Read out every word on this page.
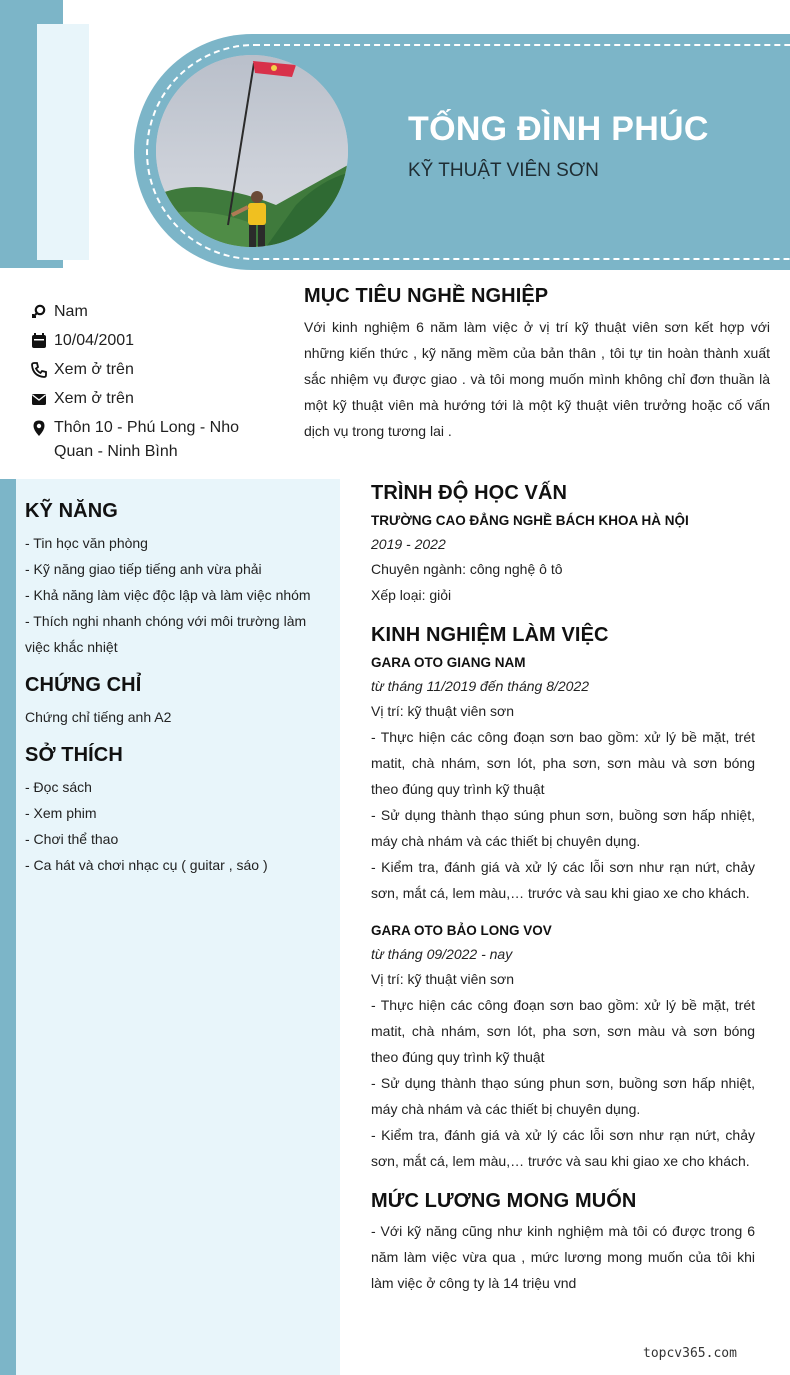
TỐNG ĐÌNH PHÚC
KỸ THUẬT VIÊN SƠN
Nam
10/04/2001
Xem ở trên
Xem ở trên
Thôn 10 - Phú Long - Nho Quan - Ninh Bình
MỤC TIÊU NGHỀ NGHIỆP

Với kinh nghiệm 6 năm làm việc ở vị trí kỹ thuật viên sơn kết hợp với những kiến thức , kỹ năng mềm của bản thân , tôi tự tin hoàn thành xuất sắc nhiệm vụ được giao . và tôi mong muốn mình không chỉ đơn thuần là một kỹ thuật viên mà hướng tới là một kỹ thuật viên trưởng hoặc cố vấn dịch vụ trong tương lai .

KỸ NĂNG
- Tin học văn phòng
- Kỹ năng giao tiếp tiếng anh vừa phải
- Khả năng làm việc độc lập và làm việc nhóm
- Thích nghi nhanh chóng với môi trường làm việc khắc nhiệt
CHỨNG CHỈ
Chứng chỉ tiếng anh A2
SỞ THÍCH
- Đọc sách
- Xem phim
- Chơi thể thao
- Ca hát và chơi nhạc cụ ( guitar , sáo )
TRÌNH ĐỘ HỌC VẤN
TRƯỜNG CAO ĐẲNG NGHỀ BÁCH KHOA HÀ NỘI
2019 - 2022
Chuyên ngành: công nghệ ô tô
Xếp loại: giỏi
KINH NGHIỆM LÀM VIỆC
GARA OTO GIANG NAM
từ tháng 11/2019 đến tháng 8/2022
Vị trí: kỹ thuật viên sơn
- Thực hiện các công đoạn sơn bao gồm: xử lý bề mặt, trét matit, chà nhám, sơn lót, pha sơn, sơn màu và sơn bóng theo đúng quy trình kỹ thuật
- Sử dụng thành thạo súng phun sơn, buồng sơn hấp nhiệt, máy chà nhám và các thiết bị chuyên dụng.
- Kiểm tra, đánh giá và xử lý các lỗi sơn như rạn nứt, chảy sơn, mắt cá, lem màu,… trước và sau khi giao xe cho khách.
GARA OTO BẢO LONG VOV
từ tháng 09/2022 - nay
Vị trí: kỹ thuật viên sơn
- Thực hiện các công đoạn sơn bao gồm: xử lý bề mặt, trét matit, chà nhám, sơn lót, pha sơn, sơn màu và sơn bóng theo đúng quy trình kỹ thuật
- Sử dụng thành thạo súng phun sơn, buồng sơn hấp nhiệt, máy chà nhám và các thiết bị chuyên dụng.
- Kiểm tra, đánh giá và xử lý các lỗi sơn như rạn nứt, chảy sơn, mắt cá, lem màu,… trước và sau khi giao xe cho khách.
MỨC LƯƠNG MONG MUỐN
- Với kỹ năng cũng như kinh nghiệm mà tôi có được trong 6 năm làm việc vừa qua , mức lương mong muốn của tôi khi làm việc ở công ty là 14 triệu vnd
topcv365.com
